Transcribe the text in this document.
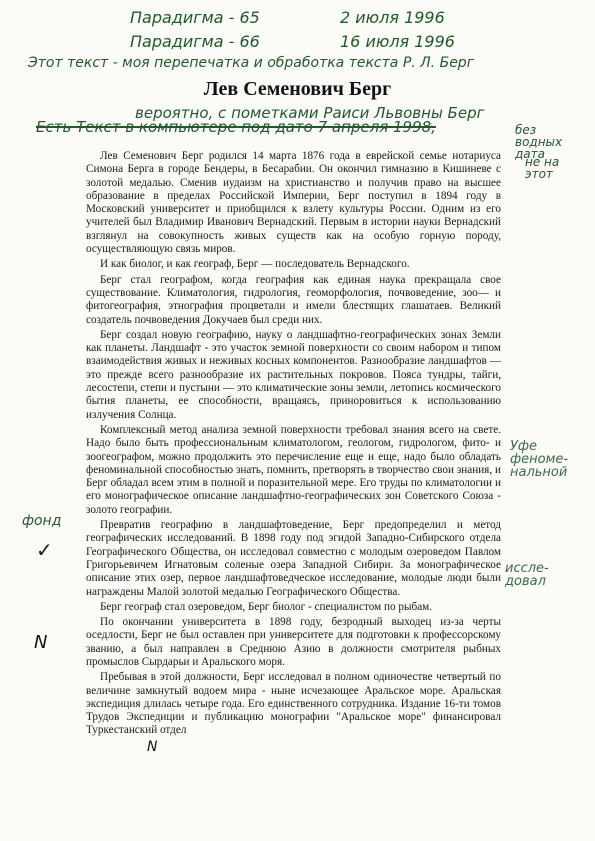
Парадигма - 65
Парадигма - 66
2 июля 1996
16 июля 1996
Этот текст - моя перепечатка и обработка текста Р. Л. Берг
Лев Семенович Берг
вероятно, с пометками Раиси Львовны Берг
Есть Текст в компьютере под дато 7 апреля 1998,	без водных дата
не на этот

Лев Семенович Берг родился 14 марта 1876 года в еврейской семье нотариуса Симона Берга в городе Бендеры, в Бесарабии. Он окончил гимназию в Кишиневе с золотой медалью. Сменив иудаизм на христианство и получив право на высшее образование в пределах Российской Империи, Берг поступил в 1894 году в Московский университет и приобщился к взлету культуры России. Одним из его учителей был Владимир Иванович Вернадский. Первым в истории науки Вернадский взглянул на совокупность живых существ как на особую горную породу, осуществляющую связь миров.

И как биолог, и как географ, Берг — последователь Вернадского.

Берг стал географом, когда география как единая наука прекращала свое существование. Климатология, гидрология, геоморфология, почвоведение, зоо— и фитогеография, этнография процветали и имели блестящих глашатаев. Великий создатель почвоведения Докучаев был среди них.

Берг создал новую географию, науку о ландшафтно-географических зонах Земли как планеты. Ландшафт - это участок земной поверхности со своим набором и типом взаимодействия живых и неживых косных компонентов. Разнообразие ландшафтов — это прежде всего разнообразие их растительных покровов. Пояса тундры, тайги, лесостепи, степи и пустыни — это климатические зоны земли, летопись космического бытия планеты, ее способности, вращаясь, приноровиться к использованию излучения Солнца.

Комплексный метод анализа земной поверхности требовал знания всего на свете. Надо было быть профессиональным климатологом, геологом, гидрологом, фито- и зоогеографом, можно продолжить это перечисление еще и еще, надо было обладать феноминальной способностью знать, помнить, претворять в творчество свои знания, и Берг обладал всем этим в полной и поразительной мере. Его труды по климатологии и его монографическое описание ландшафтно-географических зон Советского Союза - золото географии.

Превратив географию в ландшафтоведение, Берг предопределил и метод географических исследований. В 1898 году под эгидой Западно-Сибирского отдела Географического Общества, он исследовал совместно с молодым озероведом Павлом Григорьевичем Игнатовым соленые озера Западной Сибири. За монографическое описание этих озер, первое ландшафтоведческое исследование, молодые люди были награждены Малой золотой медалью Географического Общества.

Берг географ стал озероведом, Берг биолог - специалистом по рыбам.

По окончании университета в 1898 году, безродный выходец из-за черты оседлости, Берг не был оставлен при университете для подготовки к профессорскому званию, а был направлен в Среднюю Азию в должности смотрителя рыбных промыслов Сырдарьи и Аральского моря.

Пребывая в этой должности, Берг исследовал в полном одиночестве четвертый по величине замкнутый водоем мира - ныне исчезающее Аральское море. Аральская экспедиция длилась четыре года. Его единственного сотрудника. Издание 16-ти томов Трудов Экспедиции и публикацию монографии "Аральское море" финансировал Туркестанский отдел

Уфе феноме- нальной
иссле- довал
фонд
✓
N
N
